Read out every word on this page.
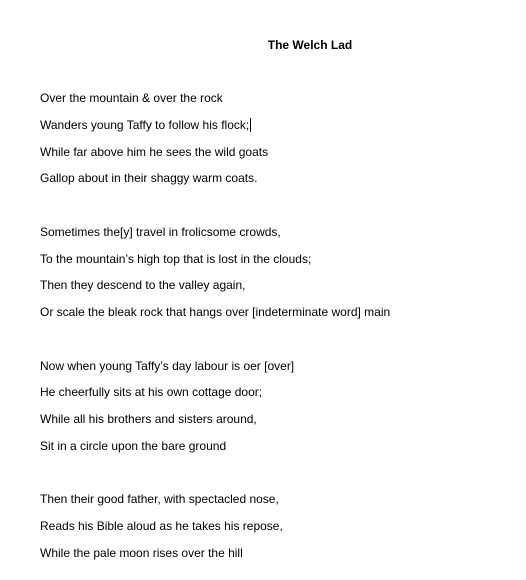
The Welch Lad
Over the mountain & over the rock
Wanders young Taffy to follow his flock;
While far above him he sees the wild goats
Gallop about in their shaggy warm coats.
Sometimes the[y] travel in frolicsome crowds,
To the mountain’s high top that is lost in the clouds;
Then they descend to the valley again,
Or scale the bleak rock that hangs over [indeterminate word] main
Now when young Taffy’s day labour is oer [over]
He cheerfully sits at his own cottage door;
While all his brothers and sisters around,
Sit in a circle upon the bare ground
Then their good father, with spectacled nose,
Reads his Bible aloud as he takes his repose,
While the pale moon rises over the hill
